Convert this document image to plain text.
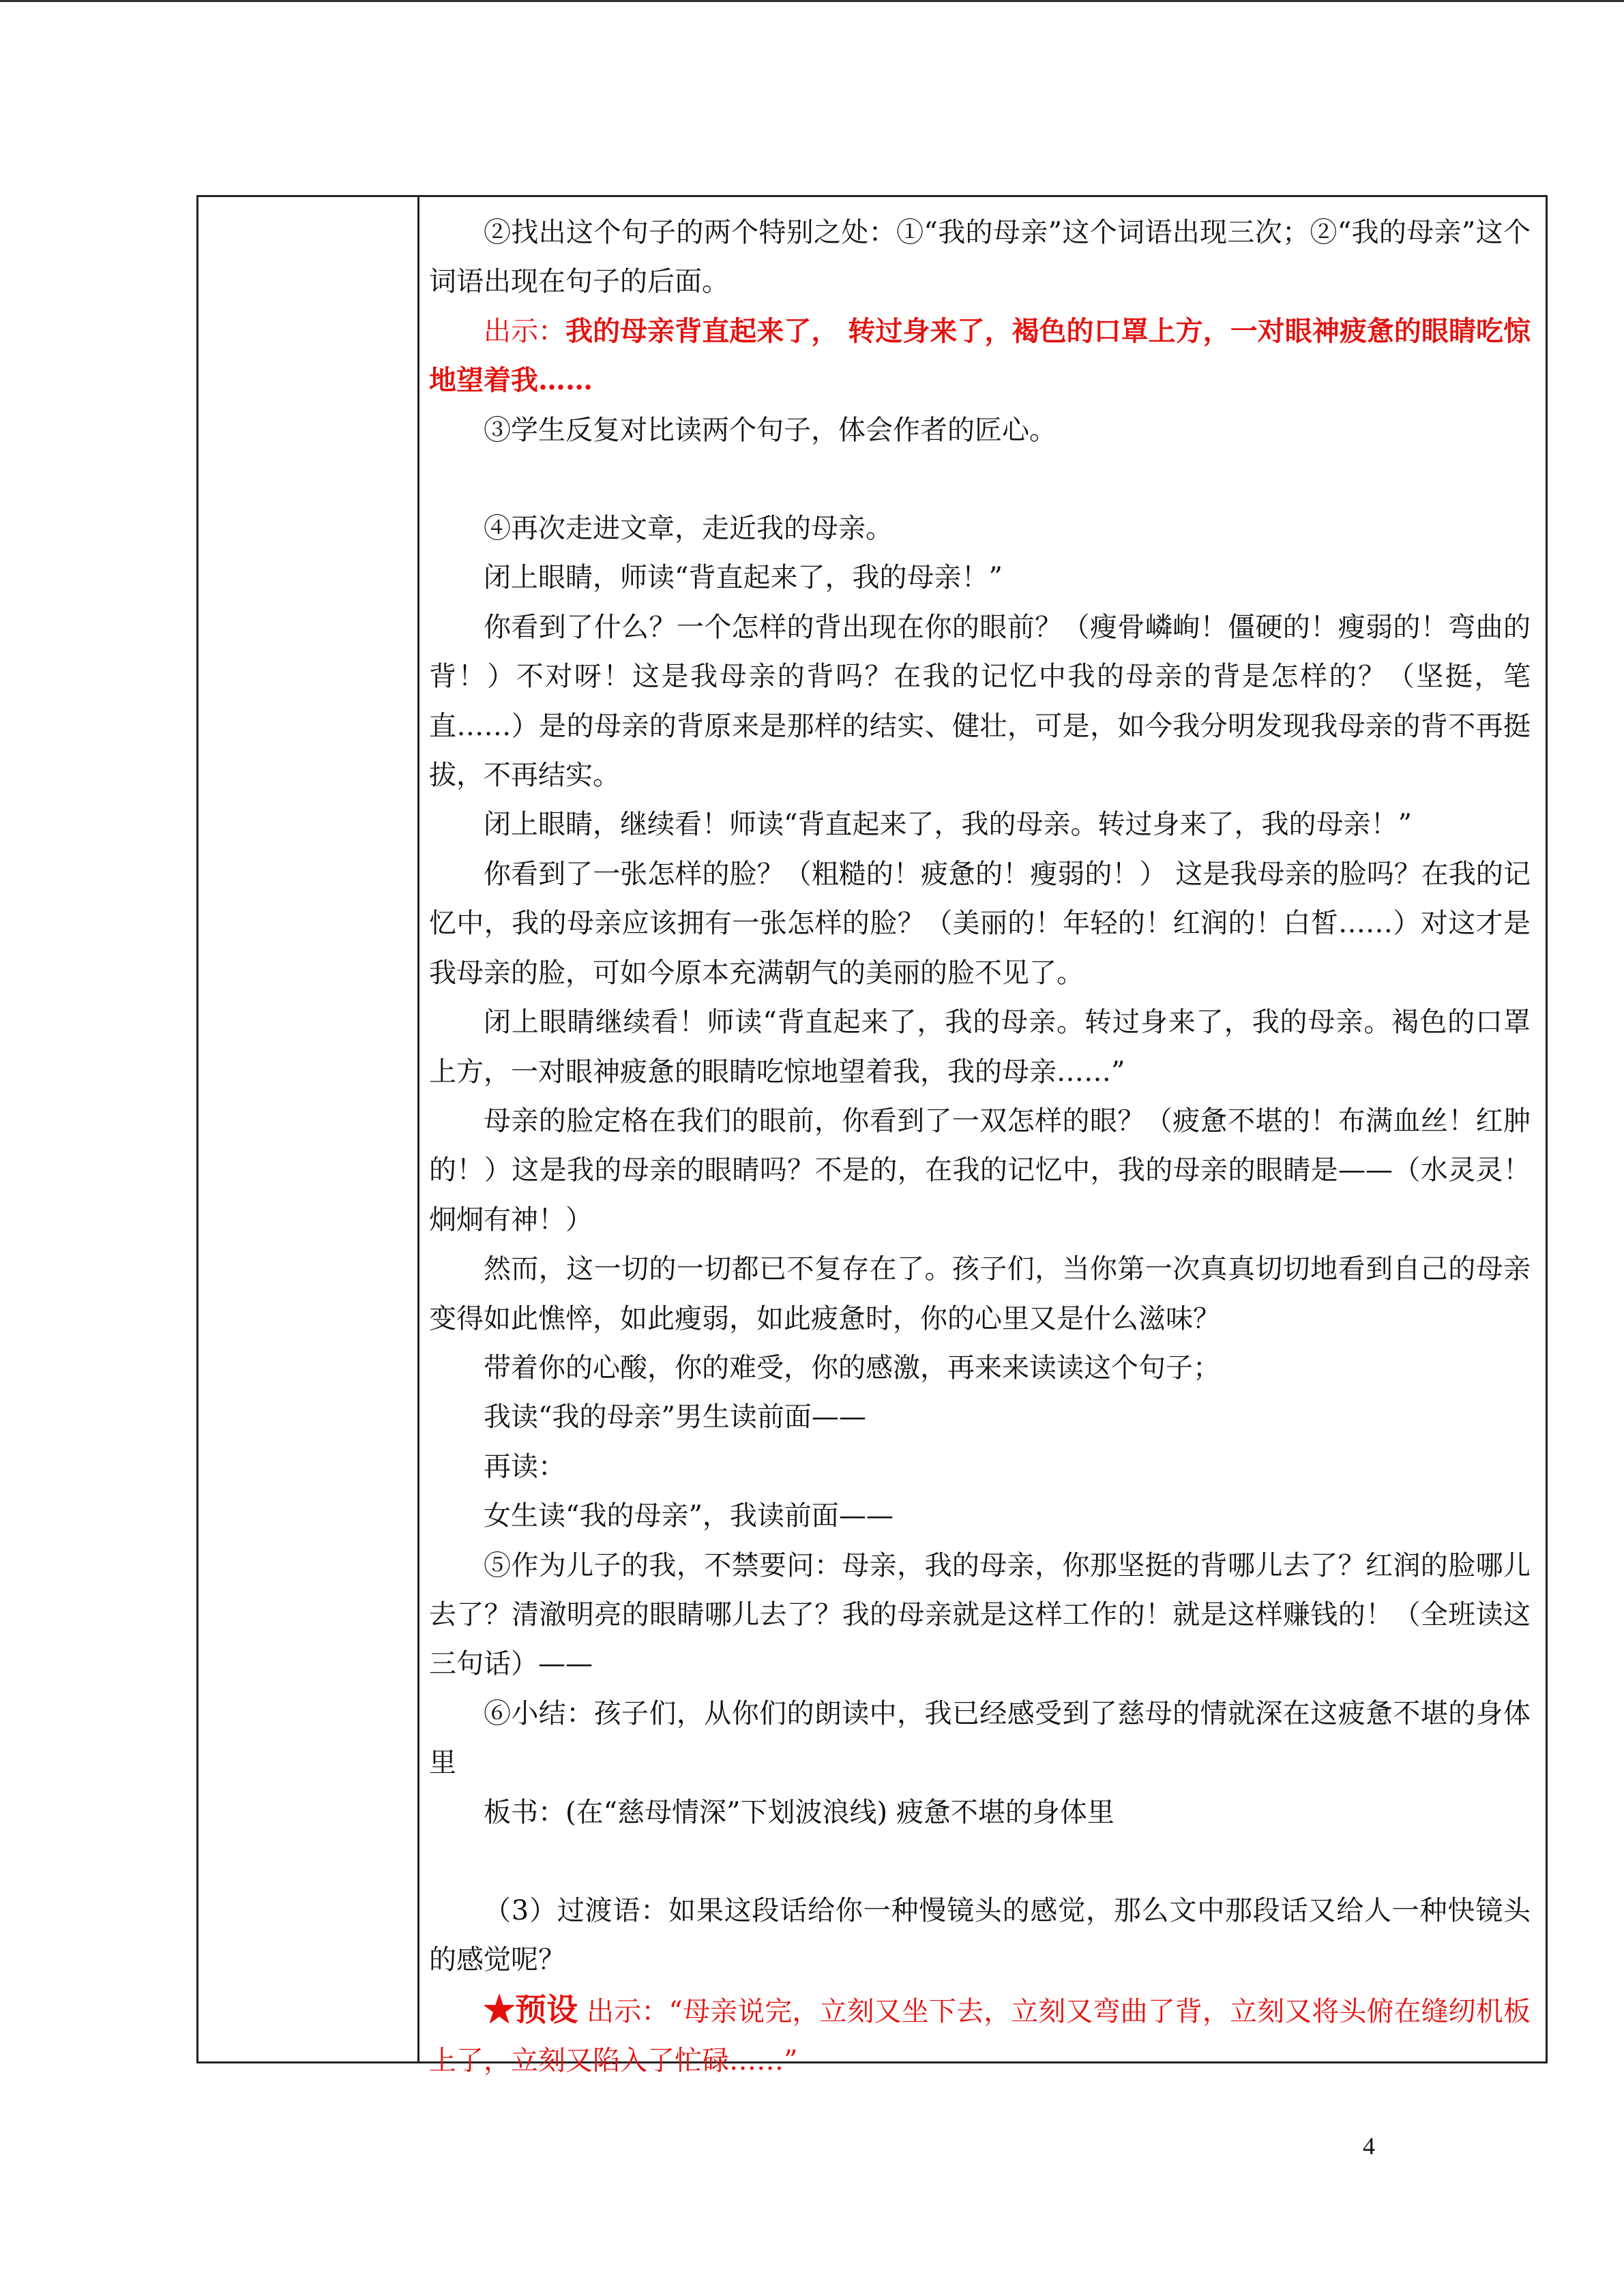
②找出这个句子的两个特别之处：①“我的母亲”这个词语出现三次；②“我的母亲”这个词语出现在句子的后面。

出示：我的母亲背直起来了， 转过身来了，褐色的口罩上方，一对眼神疲惫的眼睛吃惊地望着我……

③学生反复对比读两个句子，体会作者的匠心。

④再次走进文章，走近我的母亲。

闭上眼睛，师读“背直起来了，我的母亲！”

你看到了什么？一个怎样的背出现在你的眼前？（瘦骨嶙峋！僵硬的！瘦弱的！弯曲的背！）不对呀！这是我母亲的背吗？在我的记忆中我的母亲的背是怎样的？（坚挺，笔直……）是的母亲的背原来是那样的结实、健壮，可是，如今我分明发现我母亲的背不再挺拔，不再结实。

闭上眼睛，继续看！师读“背直起来了，我的母亲。转过身来了，我的母亲！”

你看到了一张怎样的脸？（粗糙的！疲惫的！瘦弱的！） 这是我母亲的脸吗？在我的记忆中，我的母亲应该拥有一张怎样的脸？（美丽的！年轻的！红润的！白皙……）对这才是我母亲的脸，可如今原本充满朝气的美丽的脸不见了。

闭上眼睛继续看！师读“背直起来了，我的母亲。转过身来了，我的母亲。褐色的口罩上方，一对眼神疲惫的眼睛吃惊地望着我，我的母亲……”

母亲的脸定格在我们的眼前，你看到了一双怎样的眼？（疲惫不堪的！布满血丝！红肿的！）这是我的母亲的眼睛吗？不是的，在我的记忆中，我的母亲的眼睛是——（水灵灵！炯炯有神！）

然而，这一切的一切都已不复存在了。孩子们，当你第一次真真切切地看到自己的母亲变得如此憔悴，如此瘦弱，如此疲惫时，你的心里又是什么滋味？

带着你的心酸，你的难受，你的感激，再来来读读这个句子；

我读“我的母亲”男生读前面——

再读：

女生读“我的母亲”，我读前面——

⑤作为儿子的我，不禁要问：母亲，我的母亲，你那坚挺的背哪儿去了？红润的脸哪儿去了？清澈明亮的眼睛哪儿去了？我的母亲就是这样工作的！就是这样赚钱的！（全班读这三句话）——

⑥小结：孩子们，从你们的朗读中，我已经感受到了慈母的情就深在这疲惫不堪的身体里

板书：(在“慈母情深”下划波浪线) 疲惫不堪的身体里

（3）过渡语：如果这段话给你一种慢镜头的感觉，那么文中那段话又给人一种快镜头的感觉呢？

★预设 出示：“母亲说完，立刻又坐下去，立刻又弯曲了背，立刻又将头俯在缝纫机板上了，立刻又陷入了忙碌……”

4
